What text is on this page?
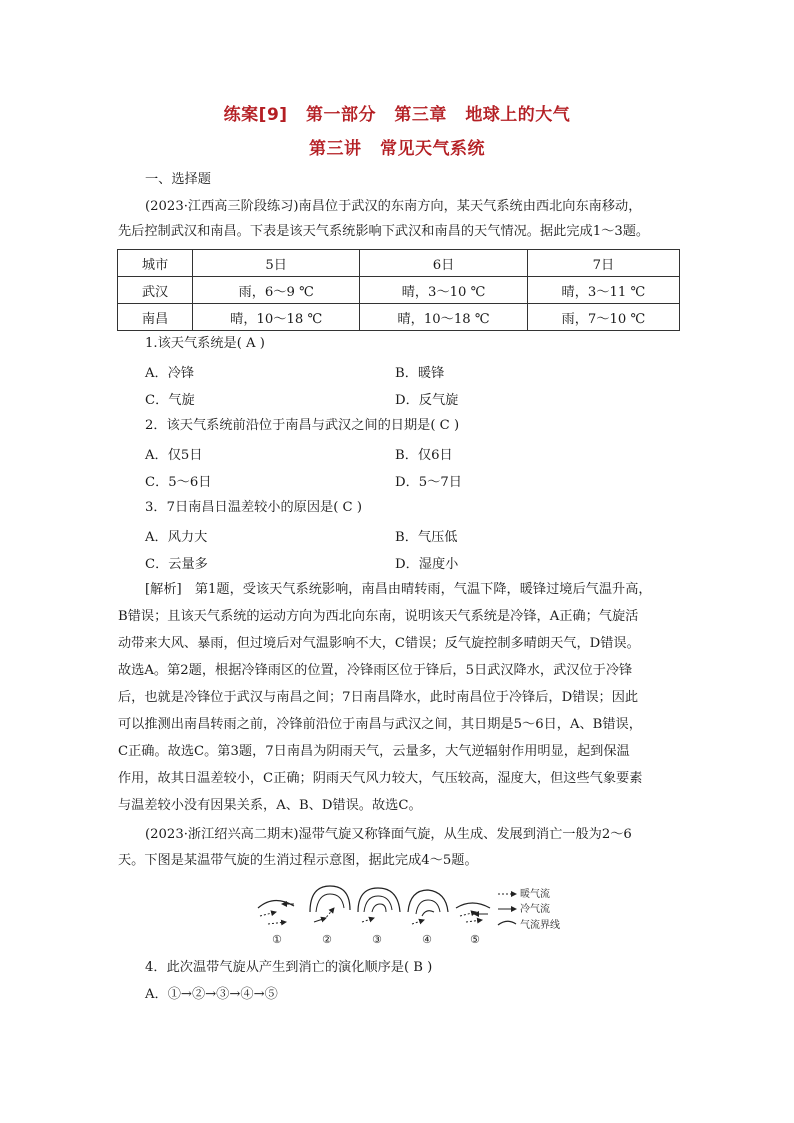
练案[9] 第一部分 第三章 地球上的大气
第三讲 常见天气系统
一、选择题
(2023·江西高三阶段练习)南昌位于武汉的东南方向，某天气系统由西北向东南移动，
先后控制武汉和南昌。下表是该天气系统影响下武汉和南昌的天气情况。据此完成1～3题。
城市	5日	6日	7日
武汉	雨，6～9 ℃	晴，3～10 ℃	晴，3～11 ℃
南昌	晴，10～18 ℃	晴，10～18 ℃	雨，7～10 ℃
1.该天气系统是( A )
A．冷锋	B．暖锋
C．气旋	D．反气旋
2．该天气系统前沿位于南昌与武汉之间的日期是( C )
A．仅5日	B．仅6日
C．5～6日	D．5～7日
3．7日南昌日温差较小的原因是( C )
A．风力大	B．气压低
C．云量多	D．湿度小
[解析]　第1题，受该天气系统影响，南昌由晴转雨，气温下降，暖锋过境后气温升高，
B错误；且该天气系统的运动方向为西北向东南，说明该天气系统是冷锋，A正确；气旋活
动带来大风、暴雨，但过境后对气温影响不大，C错误；反气旋控制多晴朗天气，D错误。
故选A。第2题，根据冷锋雨区的位置，冷锋雨区位于锋后，5日武汉降水，武汉位于冷锋
后，也就是冷锋位于武汉与南昌之间；7日南昌降水，此时南昌位于冷锋后，D错误；因此
可以推测出南昌转雨之前，冷锋前沿位于南昌与武汉之间，其日期是5～6日，A、B错误，
C正确。故选C。第3题，7日南昌为阴雨天气，云量多，大气逆辐射作用明显，起到保温
作用，故其日温差较小，C正确；阴雨天气风力较大，气压较高，湿度大，但这些气象要素
与温差较小没有因果关系，A、B、D错误。故选C。
(2023·浙江绍兴高二期末)湿带气旋又称锋面气旋，从生成、发展到消亡一般为2～6
天。下图是某温带气旋的生消过程示意图，据此完成4～5题。
①	②	③	④	⑤
暖气流
冷气流
气流界线
4．此次温带气旋从产生到消亡的演化顺序是( B )
A．①→②→③→④→⑤
